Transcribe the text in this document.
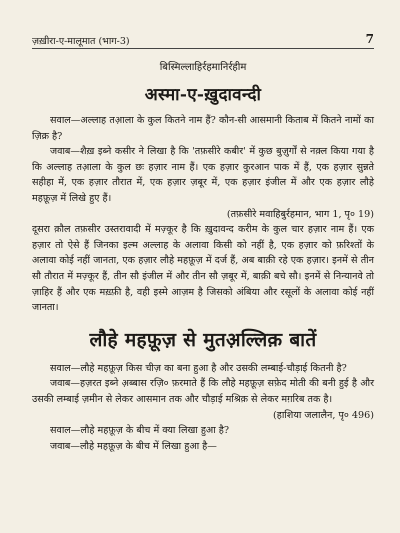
ज़ख़ीरा-ए-मालूमात (भाग-3)	7
बिस्मिल्लाहिर्रहमानिर्रहीम
अस्मा-ए-ख़ुदावन्दी

सवाल—अल्लाह तआ़ला के कुल कितने नाम हैं? कौन-सी आसमानी किताब में कितने नामों का ज़िक्र है?

जवाब—शैख़ इब्ने कसीर ने लिखा है कि 'तफ़सीरे कबीर' में कुछ बुज़ुर्गों से नक़्ल किया गया है कि अल्लाह तआ़ला के कुल छः हज़ार नाम हैं। एक हज़ार कुरआन पाक में हैं, एक हज़ार सुन्नते सहीहा में, एक हज़ार तौरात में, एक हज़ार ज़बूर में, एक हज़ार इंजील में और एक हज़ार लौहे महफ़ूज़ में लिखे हुए हैं।

(तफ़सीरे मवाहिबुर्रहमान, भाग 1, पृ० 19)

दूसरा क़ौल तफ़सीर उस्तरावादी में मज़्कूर है कि ख़ुदावन्द करीम के कुल चार हज़ार नाम हैं। एक हज़ार तो ऐसे हैं जिनका इल्म अल्लाह के अलावा किसी को नहीं है, एक हज़ार को फ़रिश्तों के अलावा कोई नहीं जानता, एक हज़ार लौहे महफ़ूज़ में दर्ज हैं, अब बाक़ी रहे एक हज़ार। इनमें से तीन सौ तौरात में मज़्कूर हैं, तीन सौ इंजील में और तीन सौ ज़बूर में, बाक़ी बचे सौ। इनमें से निन्यानवे तो ज़ाहिर हैं और एक मख़्फ़ी है, वही इस्मे आज़म है जिसको अंबिया और रसूलों के अलावा कोई नहीं जानता।

लौहे महफ़ूज़ से मुतअ़ल्लिक़ बातें

सवाल—लौहे महफ़ूज़ किस चीज़ का बना हुआ है और उसकी लम्बाई-चौड़ाई कितनी है?

जवाब—हज़रत इब्ने अ़ब्बास रज़ि० फ़रमाते हैं कि लौहे महफ़ूज़ सफ़ेद मोती की बनी हुई है और उसकी लम्बाई ज़मीन से लेकर आसमान तक और चौड़ाई मश्रिक़ से लेकर मग़रिब तक है।

(हाशिया जलालैन, पृ० 496)

सवाल—लौहे महफ़ूज़ के बीच में क्या लिखा हुआ है?

जवाब—लौहे महफ़ूज़ के बीच में लिखा हुआ है—
